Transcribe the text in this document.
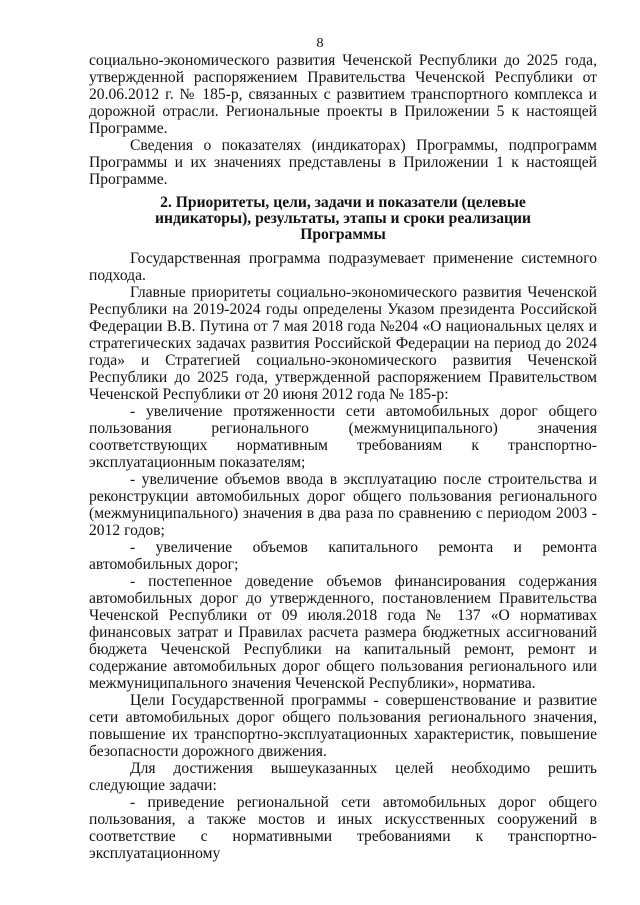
8

социально-экономического развития Чеченской Республики до 2025 года, утвержденной распоряжением Правительства Чеченской Республики от 20.06.2012 г. № 185-р, связанных с развитием транспортного комплекса и дорожной отрасли. Региональные проекты в Приложении 5 к настоящей Программе.

Сведения о показателях (индикаторах) Программы, подпрограмм Программы и их значениях представлены в Приложении 1 к настоящей Программе.

2. Приоритеты, цели, задачи и показатели (целевые индикаторы), результаты, этапы и сроки реализации Программы

Государственная программа подразумевает применение системного подхода.

Главные приоритеты социально-экономического развития Чеченской Республики на 2019-2024 годы определены Указом президента Российской Федерации В.В. Путина от 7 мая 2018 года №204 «О национальных целях и стратегических задачах развития Российской Федерации на период до 2024 года» и Стратегией социально-экономического развития Чеченской Республики до 2025 года, утвержденной распоряжением Правительством Чеченской Республики от 20 июня 2012 года № 185-р:

- увеличение протяженности сети автомобильных дорог общего пользования регионального (межмуниципального) значения соответствующих нормативным требованиям к транспортно-эксплуатационным показателям;

- увеличение объемов ввода в эксплуатацию после строительства и реконструкции автомобильных дорог общего пользования регионального (межмуниципального) значения в два раза по сравнению с периодом 2003 - 2012 годов;

- увеличение объемов капитального ремонта и ремонта автомобильных дорог;

- постепенное доведение объемов финансирования содержания автомобильных дорог до утвержденного, постановлением Правительства Чеченской Республики от 09 июля.2018 года № 137 «О нормативах финансовых затрат и Правилах расчета размера бюджетных ассигнований бюджета Чеченской Республики на капитальный ремонт, ремонт и содержание автомобильных дорог общего пользования регионального или межмуниципального значения Чеченской Республики», норматива.

Цели Государственной программы - совершенствование и развитие сети автомобильных дорог общего пользования регионального значения, повышение их транспортно-эксплуатационных характеристик, повышение безопасности дорожного движения.

Для достижения вышеуказанных целей необходимо решить следующие задачи:

- приведение региональной сети автомобильных дорог общего пользования, а также мостов и иных искусственных сооружений в соответствие с нормативными требованиями к транспортно-эксплуатационному
